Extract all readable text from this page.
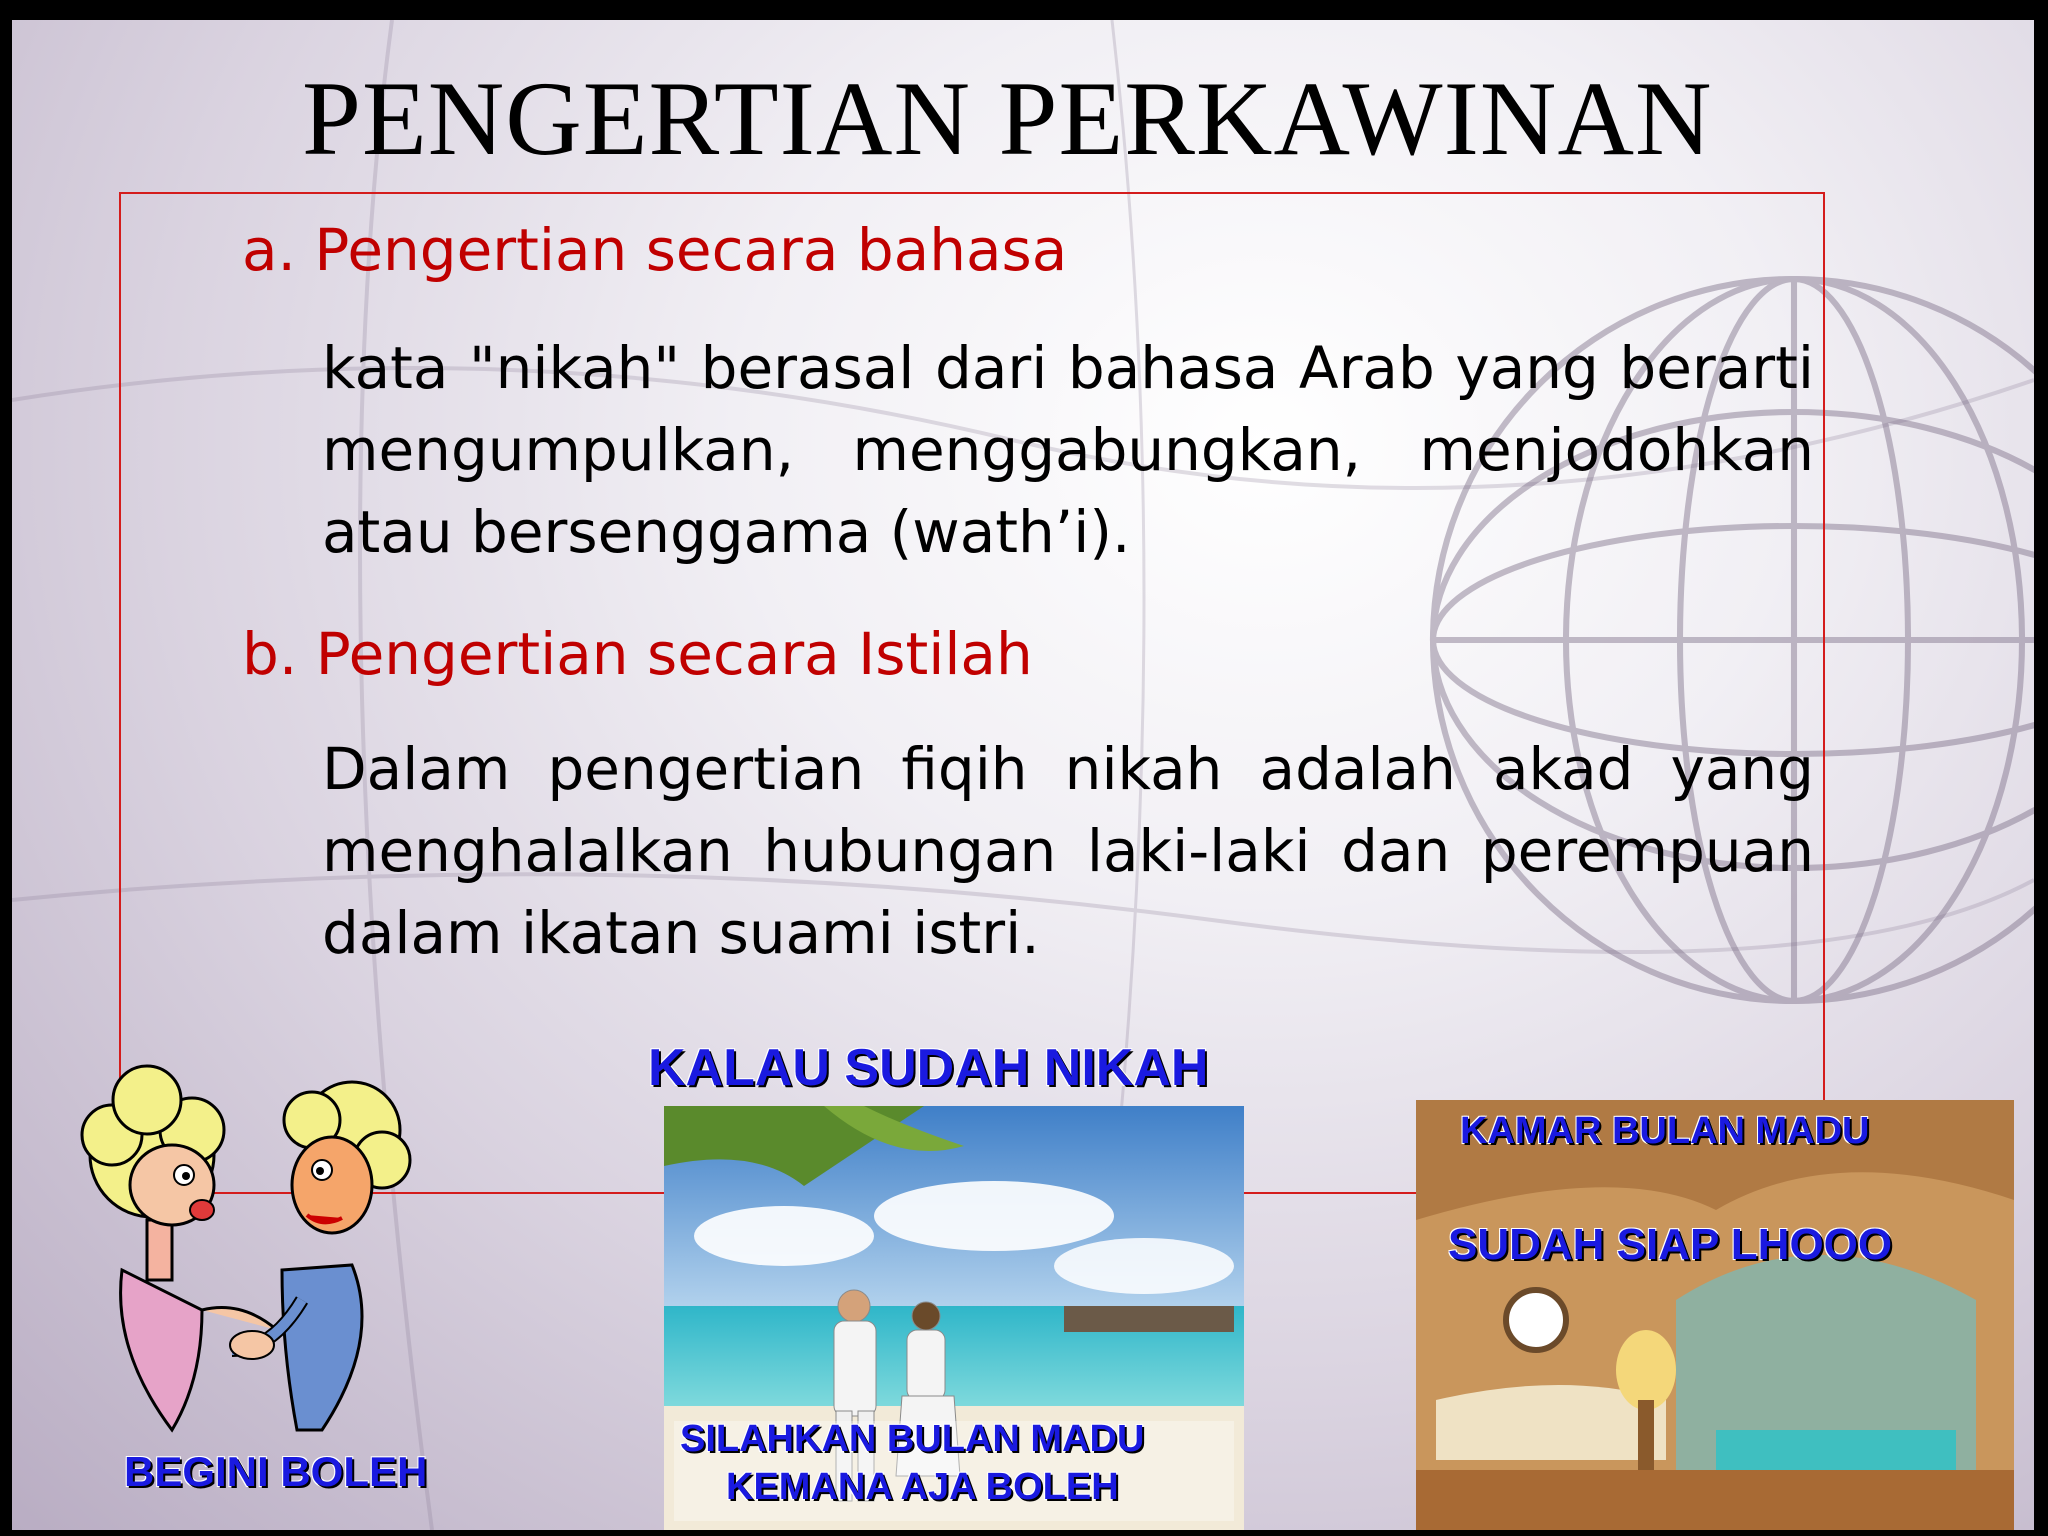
PENGERTIAN PERKAWINAN
a. Pengertian secara bahasa

kata "nikah" berasal dari bahasa Arab yang berarti mengumpulkan, menggabungkan, menjodohkan atau bersenggama (wath’i).

b. Pengertian secara Istilah

Dalam pengertian fiqih nikah adalah akad yang menghalalkan hubungan laki-laki dan perempuan dalam ikatan suami istri.

BEGINI BOLEH
KALAU SUDAH NIKAH
SILAHKAN BULAN MADU
KEMANA AJA BOLEH
KAMAR BULAN MADU
SUDAH SIAP LHOOO
